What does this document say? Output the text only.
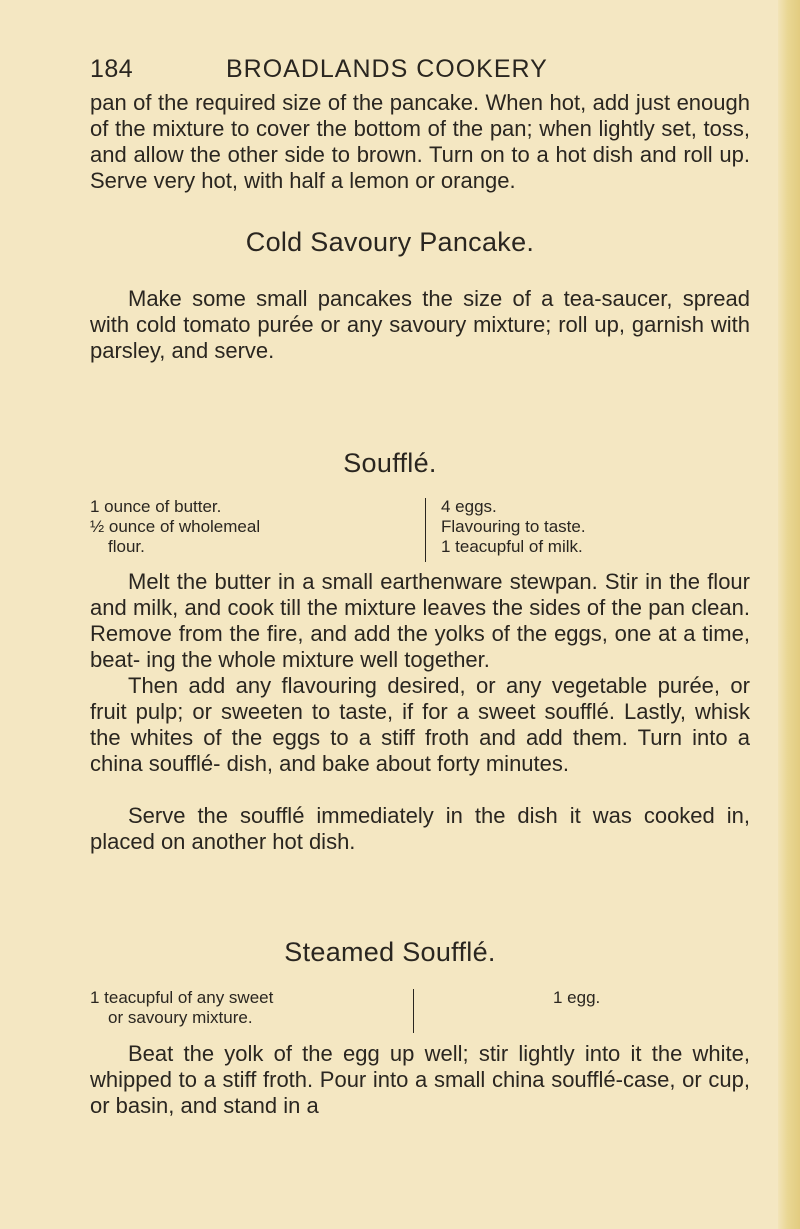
184	BROADLANDS COOKERY

pan of the required size of the pancake. When hot, add just enough of the mixture to cover the bottom of the pan; when lightly set, toss, and allow the other side to brown. Turn on to a hot dish and roll up. Serve very hot, with half a lemon or orange.

Cold Savoury Pancake.

Make some small pancakes the size of a tea-saucer, spread with cold tomato purée or any savoury mixture; roll up, garnish with parsley, and serve.

Soufflé.
1 ounce of butter.
½ ounce of wholemeal
flour.
4 eggs.
Flavouring to taste.
1 teacupful of milk.

Melt the butter in a small earthenware stewpan. Stir in the flour and milk, and cook till the mixture leaves the sides of the pan clean. Remove from the fire, and add the yolks of the eggs, one at a time, beat- ing the whole mixture well together.

Then add any flavouring desired, or any vegetable purée, or fruit pulp; or sweeten to taste, if for a sweet soufflé. Lastly, whisk the whites of the eggs to a stiff froth and add them. Turn into a china soufflé- dish, and bake about forty minutes.

Serve the soufflé immediately in the dish it was cooked in, placed on another hot dish.

Steamed Soufflé.
1 teacupful of any sweet
or savoury mixture.
1 egg.

Beat the yolk of the egg up well; stir lightly into it the white, whipped to a stiff froth. Pour into a small china soufflé-case, or cup, or basin, and stand in a
